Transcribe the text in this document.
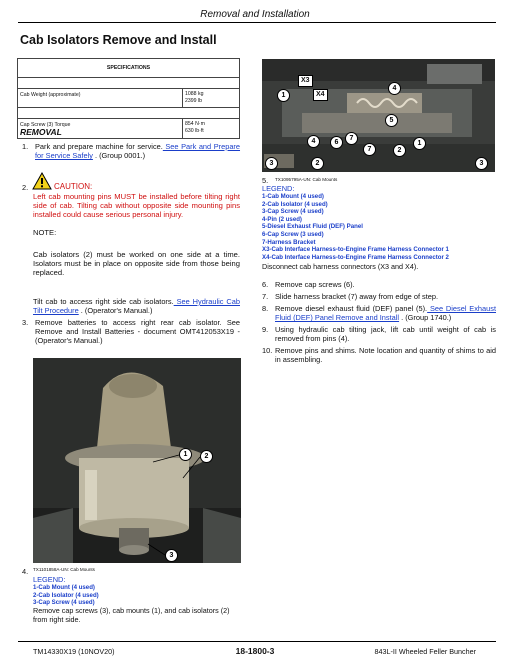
Removal and Installation
Cab Isolators Remove and Install
SPECIFICATIONS
Cab Weight (approximate)	1088 kg
2399 lb
Cap Screw (3) Torque	854 N·m
630 lb·ft
REMOVAL
1. Park and prepare machine for service. See Park and Prepare for Service Safely . (Group 0001.)
2.	CAUTION:
Left cab mounting pins MUST be installed before tilting right side of cab. Tilting cab without opposite side mounting pins installed could cause serious personal injury.
NOTE:
Cab isolators (2) must be worked on one side at a time. Isolators must be in place on opposite side from those being replaced.
Tilt cab to access right side cab isolators. See Hydraulic Cab Tilt Procedure . (Operator's Manual.)
3. Remove batteries to access right rear cab isolator. See Remove and Install Batteries - document OMT412053X19 - (Operator's Manual.)
1	2
3
4. TX1101858A-UN: Cab Mounts
LEGEND:
1-Cab Mount (4 used)
2-Cab Isolator (4 used)
3-Cap Screw (4 used)
Remove cap screws (3), cab mounts (1), and cab isolators (2) from right side.
X3
X4
1
4
5
4	6
7
7	2
1
3	2	3
5. TX1095795A-UN: Cab Mounts
LEGEND:
1-Cab Mount (4 used)
2-Cab Isolator (4 used)
3-Cap Screw (4 used)
4-Pin (2 used)
5-Diesel Exhaust Fluid (DEF) Panel
6-Cap Screw (3 used)
7-Harness Bracket
X3-Cab Interface Harness-to-Engine Frame Harness Connector 1
X4-Cab Interface Harness-to-Engine Frame Harness Connector 2
Disconnect cab harness connectors (X3 and X4).
6. Remove cap screws (6).
7. Slide harness bracket (7) away from edge of step.
8. Remove diesel exhaust fluid (DEF) panel (5). See Diesel Exhaust Fluid (DEF) Panel Remove and Install . (Group 1740.)
9. Using hydraulic cab tilting jack, lift cab until weight of cab is removed from pins (4).
10. Remove pins and shims. Note location and quantity of shims to aid in assembling.
TM14330X19 (10NOV20)	18-1800-3	843L-II Wheeled Feller Buncher
